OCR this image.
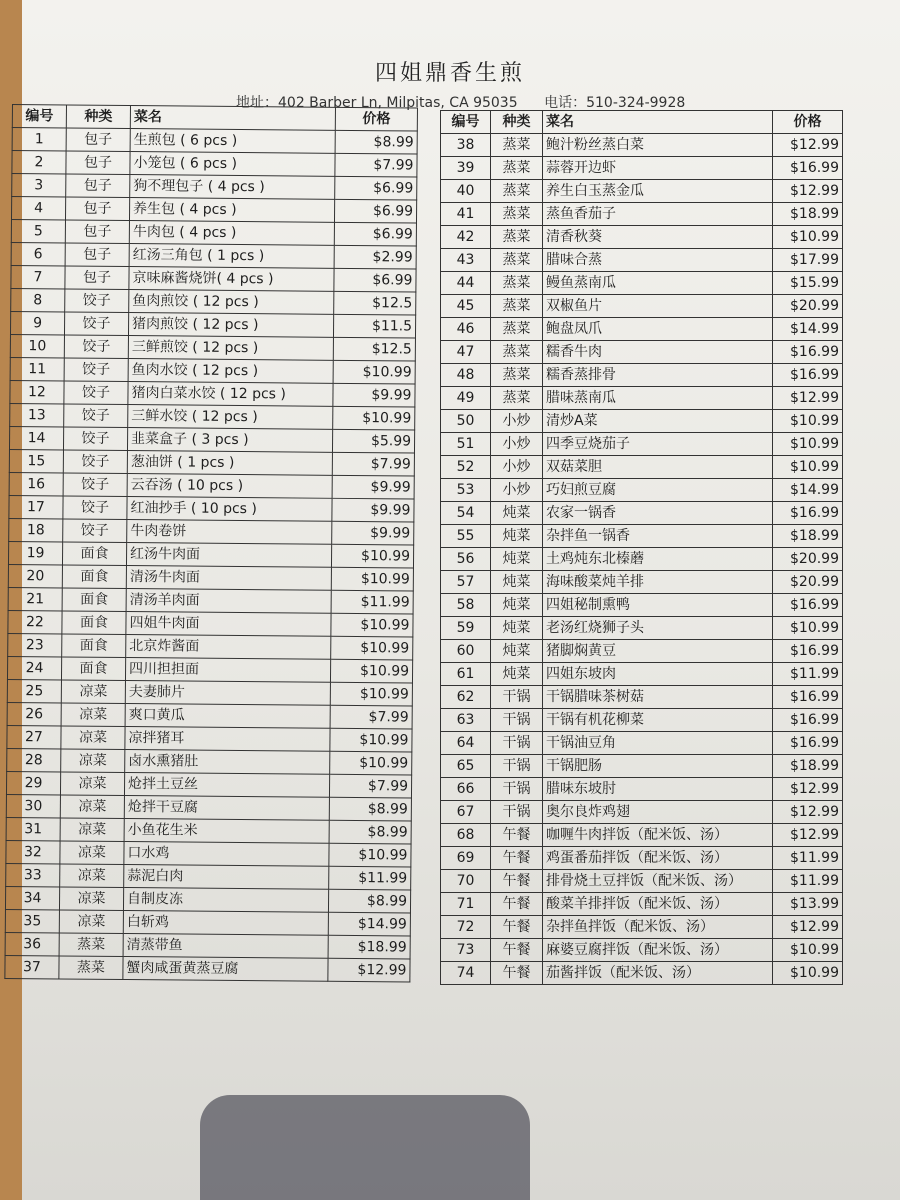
四姐鼎香生煎
地址：402 Barber Ln, Milpitas, CA 95035 电话：510-324-9928
编号	种类	菜名	价格
1	包子	生煎包 ( 6 pcs )	$8.99
2	包子	小笼包 ( 6 pcs )	$7.99
3	包子	狗不理包子 ( 4 pcs )	$6.99
4	包子	养生包 ( 4 pcs )	$6.99
5	包子	牛肉包 ( 4 pcs )	$6.99
6	包子	红汤三角包 ( 1 pcs )	$2.99
7	包子	京味麻酱烧饼( 4 pcs )	$6.99
8	饺子	鱼肉煎饺 ( 12 pcs )	$12.5
9	饺子	猪肉煎饺 ( 12 pcs )	$11.5
10	饺子	三鲜煎饺 ( 12 pcs )	$12.5
11	饺子	鱼肉水饺 ( 12 pcs )	$10.99
12	饺子	猪肉白菜水饺 ( 12 pcs )	$9.99
13	饺子	三鲜水饺 ( 12 pcs )	$10.99
14	饺子	韭菜盒子 ( 3 pcs )	$5.99
15	饺子	葱油饼 ( 1 pcs )	$7.99
16	饺子	云吞汤 ( 10 pcs )	$9.99
17	饺子	红油抄手 ( 10 pcs )	$9.99
18	饺子	牛肉卷饼	$9.99
19	面食	红汤牛肉面	$10.99
20	面食	清汤牛肉面	$10.99
21	面食	清汤羊肉面	$11.99
22	面食	四姐牛肉面	$10.99
23	面食	北京炸酱面	$10.99
24	面食	四川担担面	$10.99
25	凉菜	夫妻肺片	$10.99
26	凉菜	爽口黄瓜	$7.99
27	凉菜	凉拌猪耳	$10.99
28	凉菜	卤水熏猪肚	$10.99
29	凉菜	炝拌土豆丝	$7.99
30	凉菜	炝拌干豆腐	$8.99
31	凉菜	小鱼花生米	$8.99
32	凉菜	口水鸡	$10.99
33	凉菜	蒜泥白肉	$11.99
34	凉菜	自制皮冻	$8.99
35	凉菜	白斩鸡	$14.99
36	蒸菜	清蒸带鱼	$18.99
37	蒸菜	蟹肉咸蛋黄蒸豆腐	$12.99
编号	种类	菜名	价格
38	蒸菜	鲍汁粉丝蒸白菜	$12.99
39	蒸菜	蒜蓉开边虾	$16.99
40	蒸菜	养生白玉蒸金瓜	$12.99
41	蒸菜	蒸鱼香茄子	$18.99
42	蒸菜	清香秋葵	$10.99
43	蒸菜	腊味合蒸	$17.99
44	蒸菜	鳗鱼蒸南瓜	$15.99
45	蒸菜	双椒鱼片	$20.99
46	蒸菜	鲍盘凤爪	$14.99
47	蒸菜	糯香牛肉	$16.99
48	蒸菜	糯香蒸排骨	$16.99
49	蒸菜	腊味蒸南瓜	$12.99
50	小炒	清炒A菜	$10.99
51	小炒	四季豆烧茄子	$10.99
52	小炒	双菇菜胆	$10.99
53	小炒	巧妇煎豆腐	$14.99
54	炖菜	农家一锅香	$16.99
55	炖菜	杂拌鱼一锅香	$18.99
56	炖菜	土鸡炖东北榛蘑	$20.99
57	炖菜	海味酸菜炖羊排	$20.99
58	炖菜	四姐秘制熏鸭	$16.99
59	炖菜	老汤红烧狮子头	$10.99
60	炖菜	猪脚焖黄豆	$16.99
61	炖菜	四姐东坡肉	$11.99
62	干锅	干锅腊味茶树菇	$16.99
63	干锅	干锅有机花柳菜	$16.99
64	干锅	干锅油豆角	$16.99
65	干锅	干锅肥肠	$18.99
66	干锅	腊味东坡肘	$12.99
67	干锅	奥尔良炸鸡翅	$12.99
68	午餐	咖喱牛肉拌饭（配米饭、汤）	$12.99
69	午餐	鸡蛋番茄拌饭（配米饭、汤）	$11.99
70	午餐	排骨烧土豆拌饭（配米饭、汤）	$11.99
71	午餐	酸菜羊排拌饭（配米饭、汤）	$13.99
72	午餐	杂拌鱼拌饭（配米饭、汤）	$12.99
73	午餐	麻婆豆腐拌饭（配米饭、汤）	$10.99
74	午餐	茄酱拌饭（配米饭、汤）	$10.99
